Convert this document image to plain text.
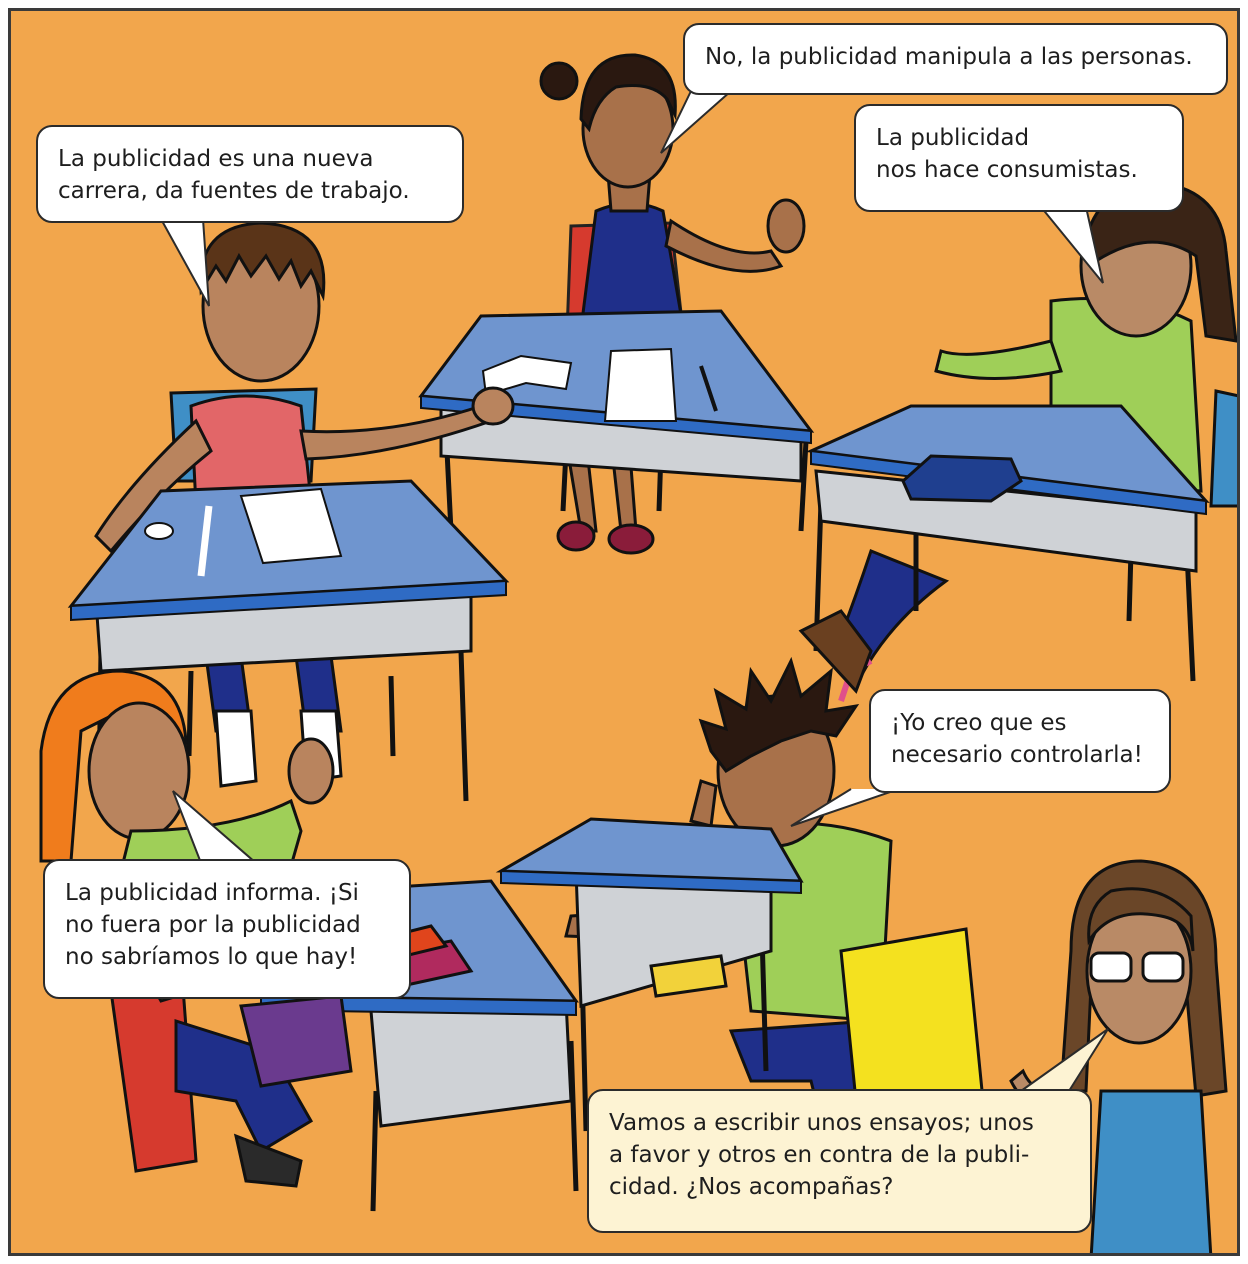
No, la publicidad manipula a las personas.
La publicidad es una nueva
carrera, da fuentes de trabajo.
La publicidad
nos hace consumistas.
¡Yo creo que es
necesario controlarla!
La publicidad informa. ¡Si
no fuera por la publicidad
no sabríamos lo que hay!
Vamos a escribir unos ensayos; unos
a favor y otros en contra de la publi-
cidad. ¿Nos acompañas?
